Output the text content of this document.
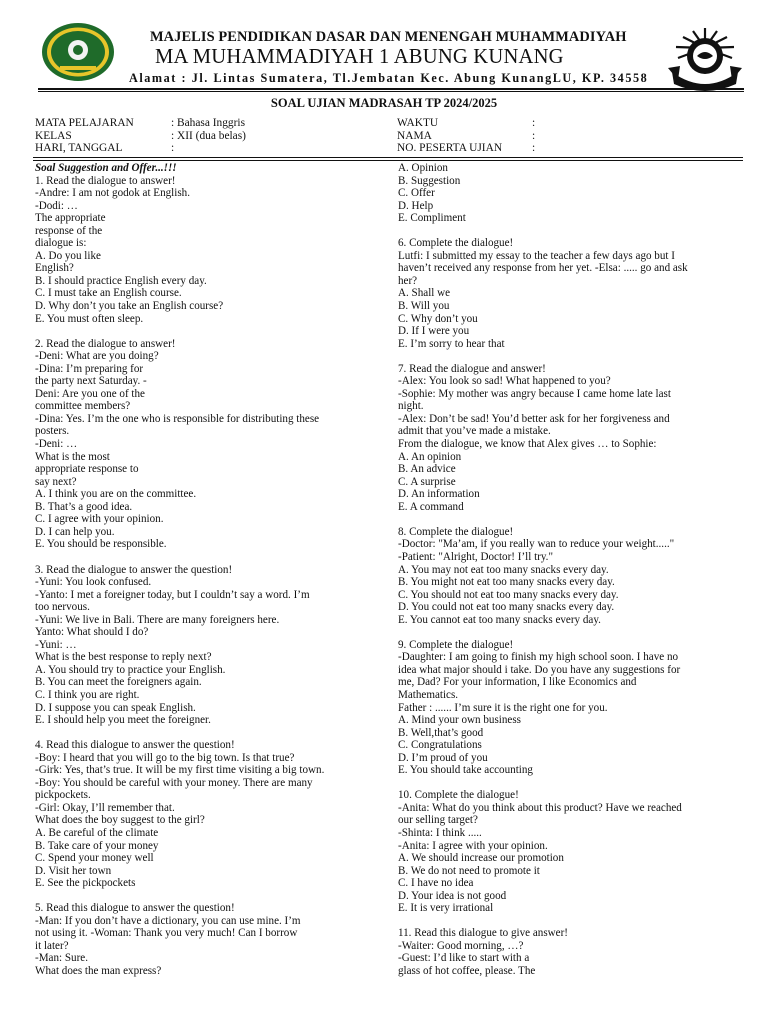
MAJELIS PENDIDIKAN DASAR DAN MENENGAH MUHAMMADIYAH
MA MUHAMMADIYAH 1 ABUNG KUNANG
Alamat : Jl. Lintas Sumatera, Tl.Jembatan Kec. Abung KunangLU, KP. 34558
SOAL UJIAN MADRASAH TP 2024/2025
MATA PELAJARAN	: Bahasa Inggris	WAKTU	:
KELAS	: XII (dua belas)	NAMA	:
HARI, TANGGAL	:	NO. PESERTA UJIAN	:
Soal Suggestion and Offer...!!!
1. Read the dialogue to answer!
-Andre: I am not godok at English.
-Dodi: …
The appropriate
response of the
dialogue is:
A. Do you like
English?
B. I should practice English every day.
C. I must take an English course.
D. Why don’t you take an English course?
E. You must often sleep.
2. Read the dialogue to answer!
-Deni: What are you doing?
-Dina: I’m preparing for
the party next Saturday. -
Deni: Are you one of the
committee members?
-Dina: Yes. I’m the one who is responsible for distributing these
posters.
-Deni: …
What is the most
appropriate response to
say next?
A. I think you are on the committee.
B. That’s a good idea.
C. I agree with your opinion.
D. I can help you.
E. You should be responsible.
3. Read the dialogue to answer the question!
-Yuni: You look confused.
-Yanto: I met a foreigner today, but I couldn’t say a word. I’m
too nervous.
-Yuni: We live in Bali. There are many foreigners here.
Yanto: What should I do?
-Yuni: …
What is the best response to reply next?
A. You should try to practice your English.
B. You can meet the foreigners again.
C. I think you are right.
D. I suppose you can speak English.
E. I should help you meet the foreigner.
4. Read this dialogue to answer the question!
-Boy: I heard that you will go to the big town. Is that true?
-Girk: Yes, that’s true. It will be my first time visiting a big town.
-Boy: You should be careful with your money. There are many
pickpockets.
-Girl: Okay, I’ll remember that.
What does the boy suggest to the girl?
A. Be careful of the climate
B. Take care of your money
C. Spend your money well
D. Visit her town
E. See the pickpockets
5. Read this dialogue to answer the question!
-Man: If you don’t have a dictionary, you can use mine. I’m
not using it. -Woman: Thank you very much! Can I borrow
it later?
-Man: Sure.
What does the man express?
A. Opinion
B. Suggestion
C. Offer
D. Help
E. Compliment
6. Complete the dialogue!
Lutfi: I submitted my essay to the teacher a few days ago but I
haven’t received any response from her yet. -Elsa: ..... go and ask
her?
A. Shall we
B. Will you
C. Why don’t you
D. If I were you
E. I’m sorry to hear that
7. Read the dialogue and answer!
-Alex: You look so sad! What happened to you?
-Sophie: My mother was angry because I came home late last
night.
-Alex: Don’t be sad! You’d better ask for her forgiveness and
admit that you’ve made a mistake.
From the dialogue, we know that Alex gives … to Sophie:
A. An opinion
B. An advice
C. A surprise
D. An information
E. A command
8. Complete the dialogue!
-Doctor: "Ma’am, if you really wan to reduce your weight....."
-Patient: "Alright, Doctor! I’ll try."
A. You may not eat too many snacks every day.
B. You might not eat too many snacks every day.
C. You should not eat too many snacks every day.
D. You could not eat too many snacks every day.
E. You cannot eat too many snacks every day.
9. Complete the dialogue!
-Daughter: I am going to finish my high school soon. I have no
idea what major should i take. Do you have any suggestions for
me, Dad? For your information, I like Economics and
Mathematics.
Father : ...... I’m sure it is the right one for you.
A. Mind your own business
B. Well,that’s good
C. Congratulations
D. I’m proud of you
E. You should take accounting
10. Complete the dialogue!
-Anita: What do you think about this product? Have we reached
our selling target?
-Shinta: I think .....
-Anita: I agree with your opinion.
A. We should increase our promotion
B. We do not need to promote it
C. I have no idea
D. Your idea is not good
E. It is very irrational
11. Read this dialogue to give answer!
-Waiter: Good morning, …?
-Guest: I’d like to start with a
glass of hot coffee, please. The
